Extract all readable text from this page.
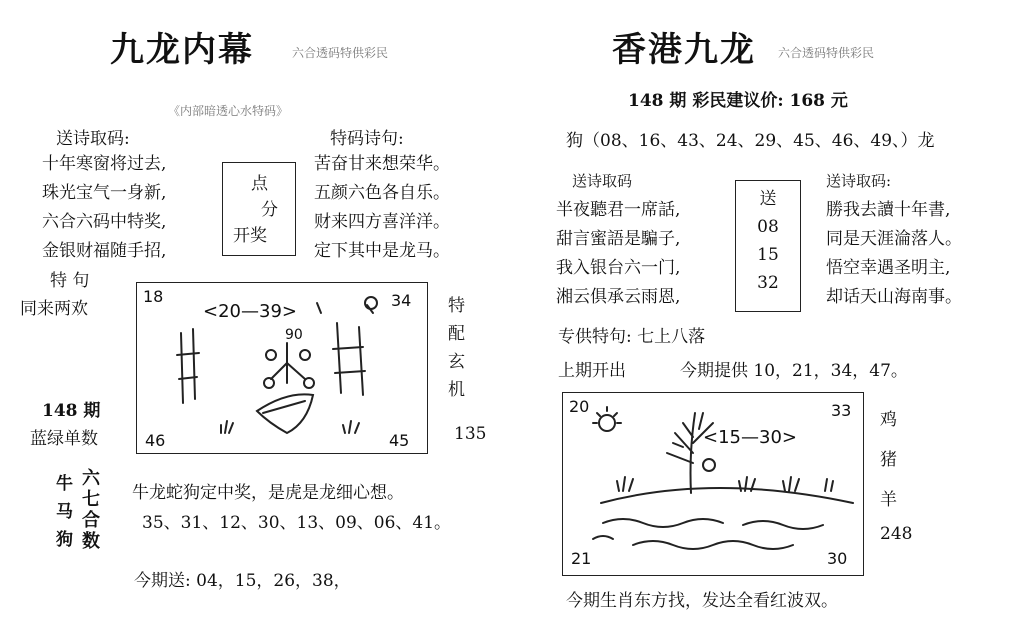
九龙内幕	六合透码特供彩民
《内部暗透心水特码》
送诗取码:	特码诗句:
十年寒窗将过去,
珠光宝气一身新,
六合六码中特奖,
金银财福随手招,
苦奋甘来想荣华。
五颜六色各自乐。
财来四方喜洋洋。
定下其中是龙马。
点
分
开奖
特 句
同来两欢
148 期
蓝绿单数
18	34
46	45
<20—39>
90
特
配
玄
机
135
牛
马
狗
六
七
合
数
牛龙蛇狗定中奖，是虎是龙细心想。
35、31、12、30、13、09、06、41。
今期送: 04，15，26，38，
香港九龙 六合透码特供彩民
148 期 彩民建议价: 168 元
狗（08、16、43、24、29、45、46、49、）龙
送诗取码	送诗取码:
半夜聽君一席話,
甜言蜜語是騙子,
我入银台六一门,
湘云俱承云雨恩,
勝我去讀十年書,
同是天涯淪落人。
悟空幸遇圣明主,
却话天山海南事。
送
08
15
32
专供特句: 七上八落
上期开出	今期提供 10，21，34，47。
20	33
21	30
<15—30>
鸡
猪
羊
248
今期生肖东方找，发达全看红波双。
